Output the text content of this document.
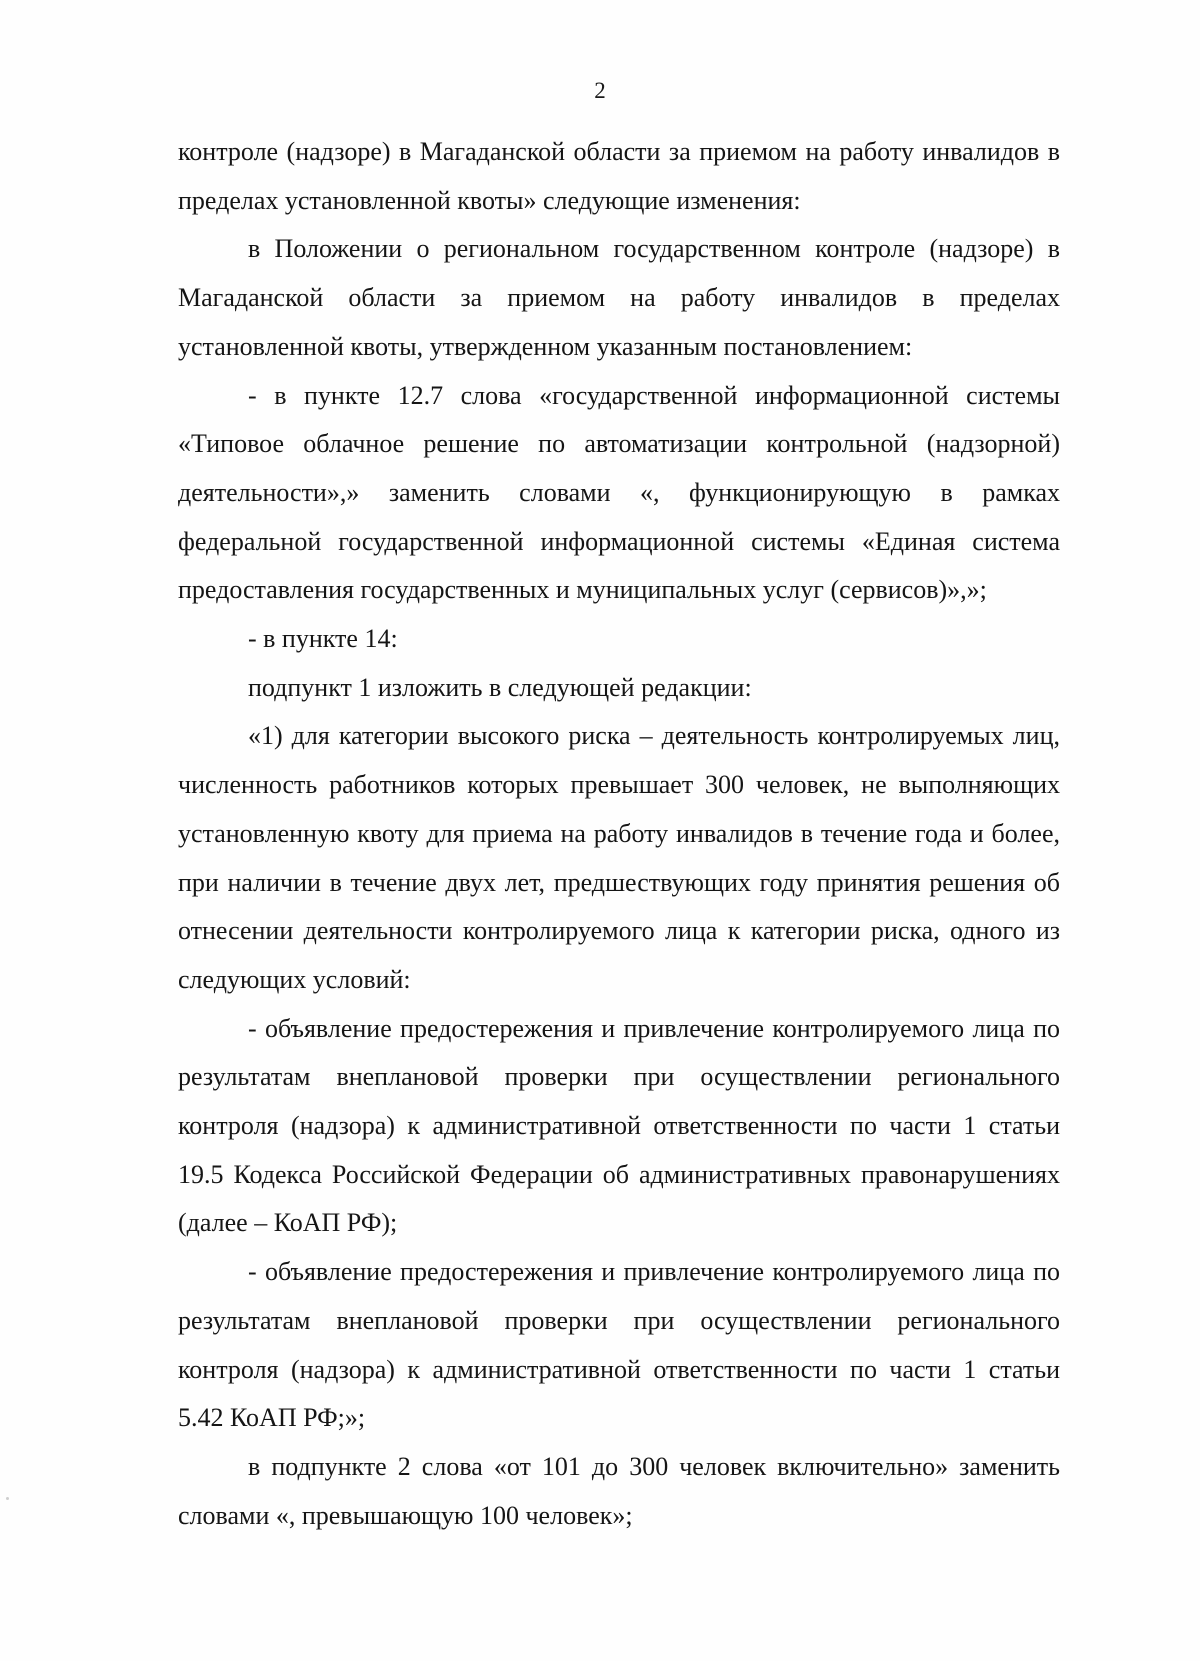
2

контроле (надзоре) в Магаданской области за приемом на работу инвалидов в пределах установленной квоты» следующие изменения:

в Положении о региональном государственном контроле (надзоре) в Магаданской области за приемом на работу инвалидов в пределах установленной квоты, утвержденном указанным постановлением:

- в пункте 12.7 слова «государственной информационной системы «Типовое облачное решение по автоматизации контрольной (надзорной) деятельности»,» заменить словами «, функционирующую в рамках федеральной государственной информационной системы «Единая система предоставления государственных и муниципальных услуг (сервисов)»,»;

- в пункте 14:

подпункт 1 изложить в следующей редакции:

«1) для категории высокого риска – деятельность контролируемых лиц, численность работников которых превышает 300 человек, не выполняющих установленную квоту для приема на работу инвалидов в течение года и более, при наличии в течение двух лет, предшествующих году принятия решения об отнесении деятельности контролируемого лица к категории риска, одного из следующих условий:

- объявление предостережения и привлечение контролируемого лица по результатам внеплановой проверки при осуществлении регионального контроля (надзора) к административной ответственности по части 1 статьи 19.5 Кодекса Российской Федерации об административных правонарушениях (далее – КоАП РФ);

- объявление предостережения и привлечение контролируемого лица по результатам внеплановой проверки при осуществлении регионального контроля (надзора) к административной ответственности по части 1 статьи 5.42 КоАП РФ;»;

в подпункте 2 слова «от 101 до 300 человек включительно» заменить словами «, превышающую 100 человек»;
